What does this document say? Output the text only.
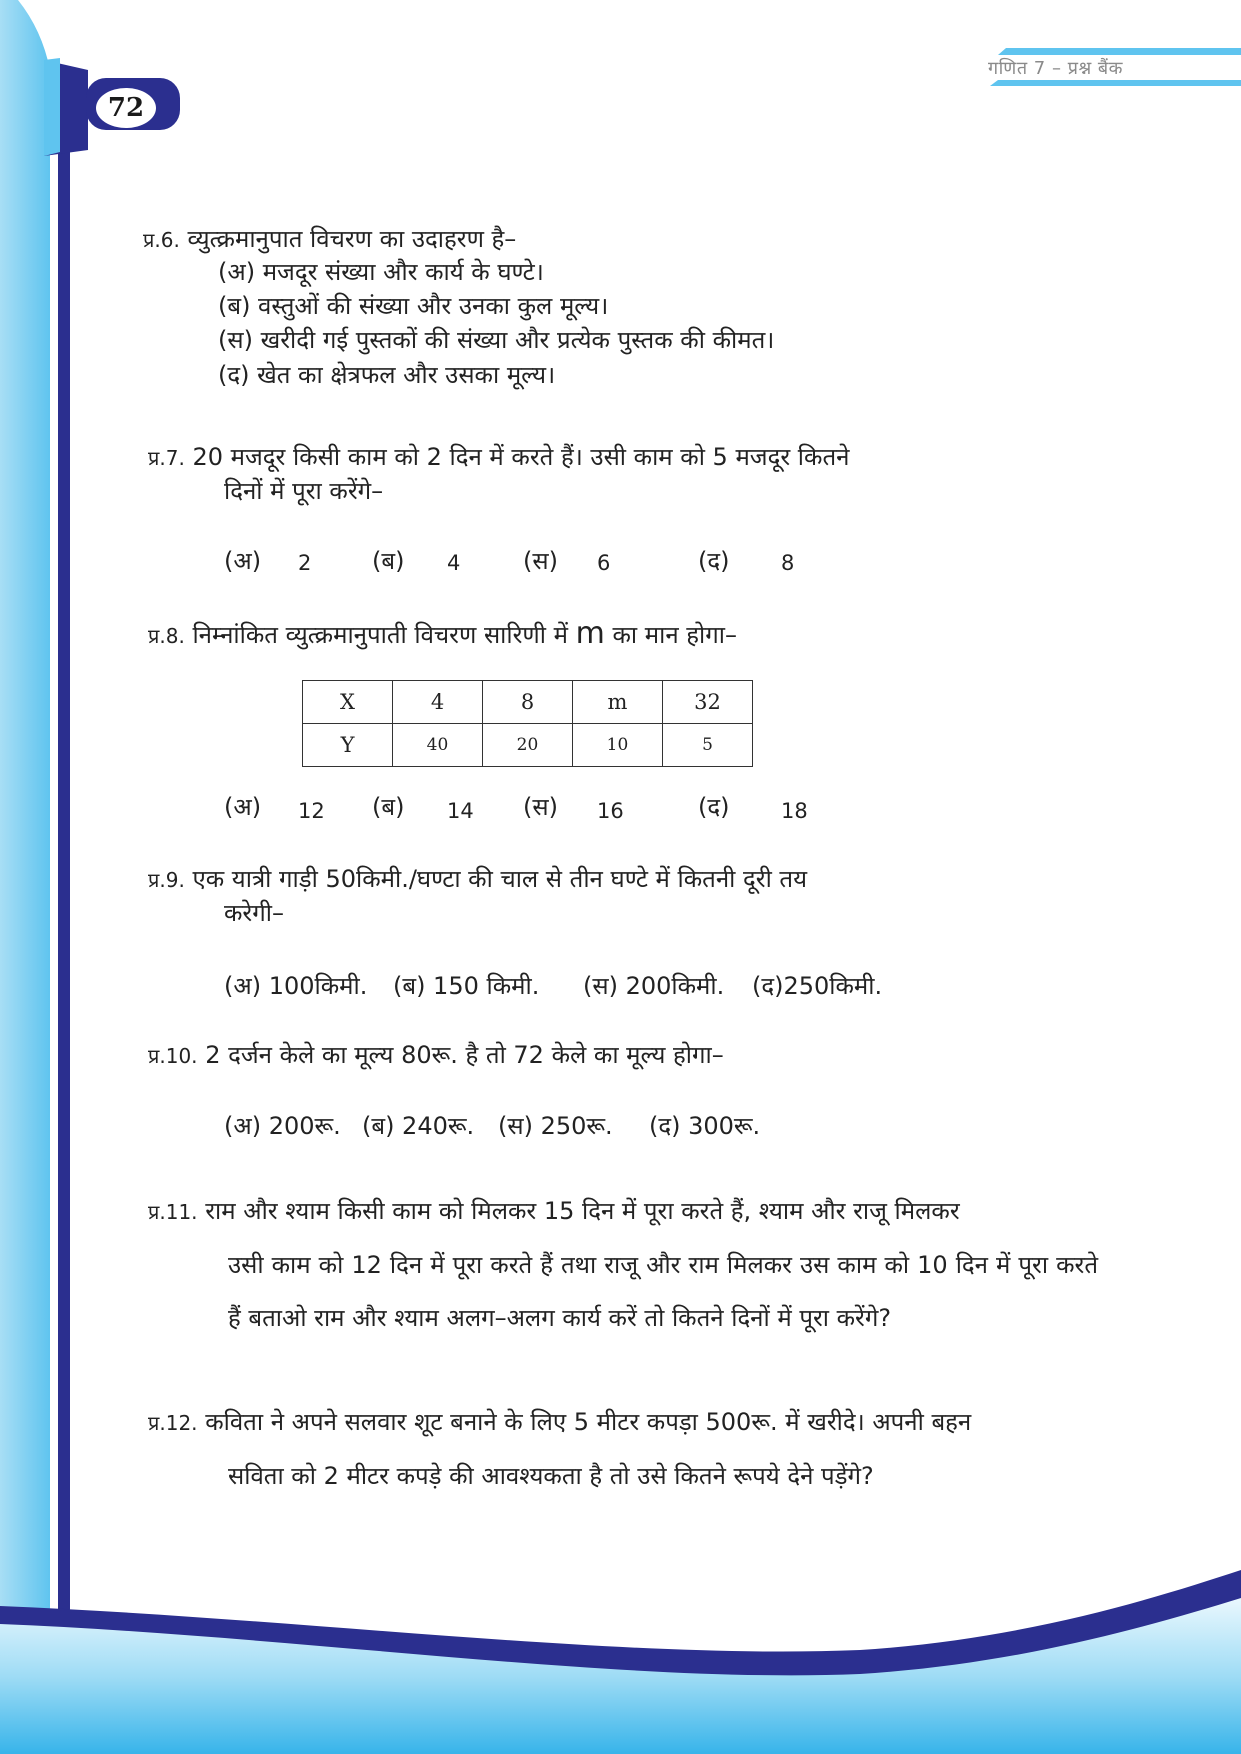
गणित 7 – प्रश्न बैंक
72
प्र.6. व्युत्क्रमानुपात विचरण का उदाहरण है–
(अ) मजदूर संख्या और कार्य के घण्टे।
(ब) वस्तुओं की संख्या और उनका कुल मूल्य।
(स) खरीदी गई पुस्तकों की संख्या और प्रत्येक पुस्तक की कीमत।
(द) खेत का क्षेत्रफल और उसका मूल्य।
प्र.7. 20 मजदूर किसी काम को 2 दिन में करते हैं। उसी काम को 5 मजदूर कितने
दिनों में पूरा करेंगे–
(अ) 2	(ब) 4	(स) 6	(द) 8
प्र.8. निम्नांकित व्युत्क्रमानुपाती विचरण सारिणी में m का मान होगा–
X	4	8	m	32
Y	40	20	10	5
(अ) 12 (ब) 14 (स) 16	(द) 18
प्र.9. एक यात्री गाड़ी 50किमी./घण्टा की चाल से तीन घण्टे में कितनी दूरी तय
करेगी–
(अ) 100किमी. (ब) 150 किमी. (स) 200किमी. (द)250किमी.
प्र.10. 2 दर्जन केले का मूल्य 80रू. है तो 72 केले का मूल्य होगा–
(अ) 200रू. (ब) 240रू. (स) 250रू. (द) 300रू.
प्र.11. राम और श्याम किसी काम को मिलकर 15 दिन में पूरा करते हैं, श्याम और राजू मिलकर
उसी काम को 12 दिन में पूरा करते हैं तथा राजू और राम मिलकर उस काम को 10 दिन में पूरा करते हैं बताओ राम और श्याम अलग–अलग कार्य करें तो कितने दिनों में पूरा करेंगे?
प्र.12. कविता ने अपने सलवार शूट बनाने के लिए 5 मीटर कपड़ा 500रू. में खरीदे। अपनी बहन
सविता को 2 मीटर कपड़े की आवश्यकता है तो उसे कितने रूपये देने पड़ेंगे?
